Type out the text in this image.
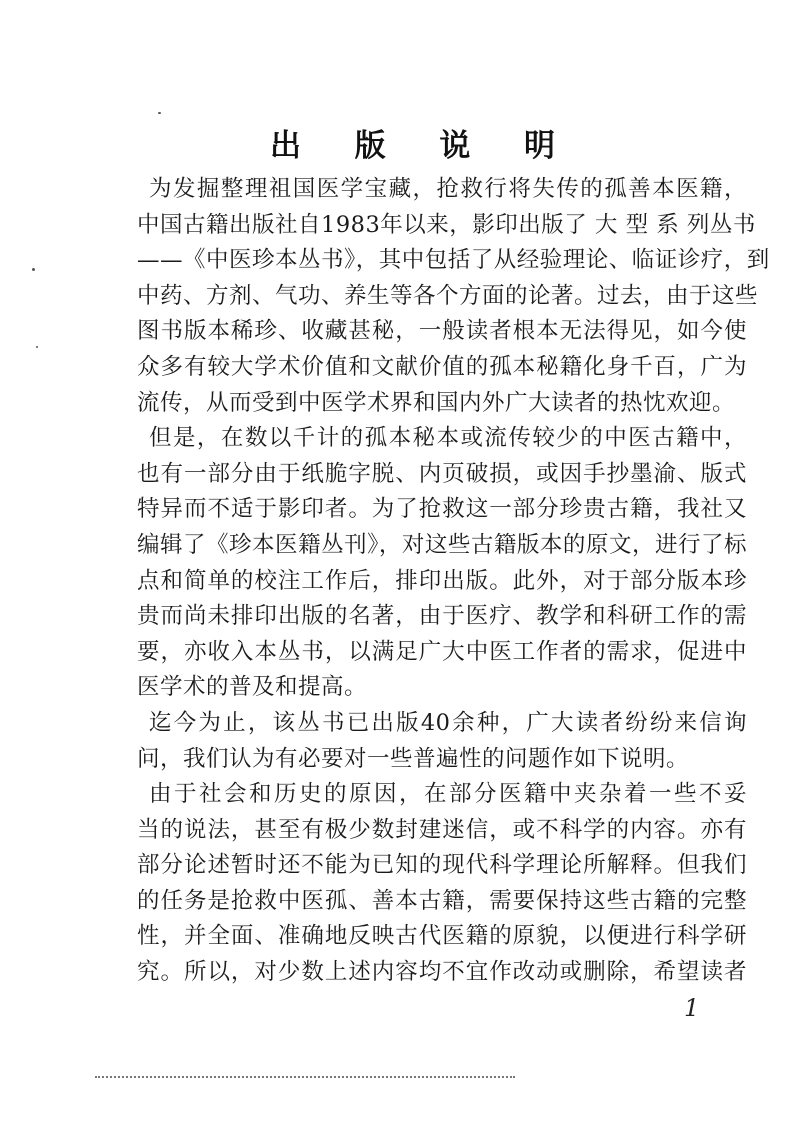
出 版 说 明
为发掘整理祖国医学宝藏，抢救行将失传的孤善本医籍，
中国古籍出版社自1983年以来，影印出版了 大 型 系 列丛书
——《中医珍本丛书》，其中包括了从经验理论、临证诊疗，到
中药、方剂、气功、养生等各个方面的论著。过去，由于这些
图书版本稀珍、收藏甚秘，一般读者根本无法得见，如今使
众多有较大学术价值和文献价值的孤本秘籍化身千百，广为
流传，从而受到中医学术界和国内外广大读者的热忱欢迎。
但是，在数以千计的孤本秘本或流传较少的中医古籍中，
也有一部分由于纸脆字脱、内页破损，或因手抄墨渝、版式
特异而不适于影印者。为了抢救这一部分珍贵古籍，我社又
编辑了《珍本医籍丛刊》，对这些古籍版本的原文，进行了标
点和简单的校注工作后，排印出版。此外，对于部分版本珍
贵而尚未排印出版的名著，由于医疗、教学和科研工作的需
要，亦收入本丛书，以满足广大中医工作者的需求，促进中
医学术的普及和提高。
迄今为止，该丛书已出版40余种，广大读者纷纷来信询
问，我们认为有必要对一些普遍性的问题作如下说明。
由于社会和历史的原因，在部分医籍中夹杂着一些不妥
当的说法，甚至有极少数封建迷信，或不科学的内容。亦有
部分论述暂时还不能为已知的现代科学理论所解释。但我们
的任务是抢救中医孤、善本古籍，需要保持这些古籍的完整
性，并全面、准确地反映古代医籍的原貌，以便进行科学研
究。所以，对少数上述内容均不宜作改动或删除，希望读者
1
